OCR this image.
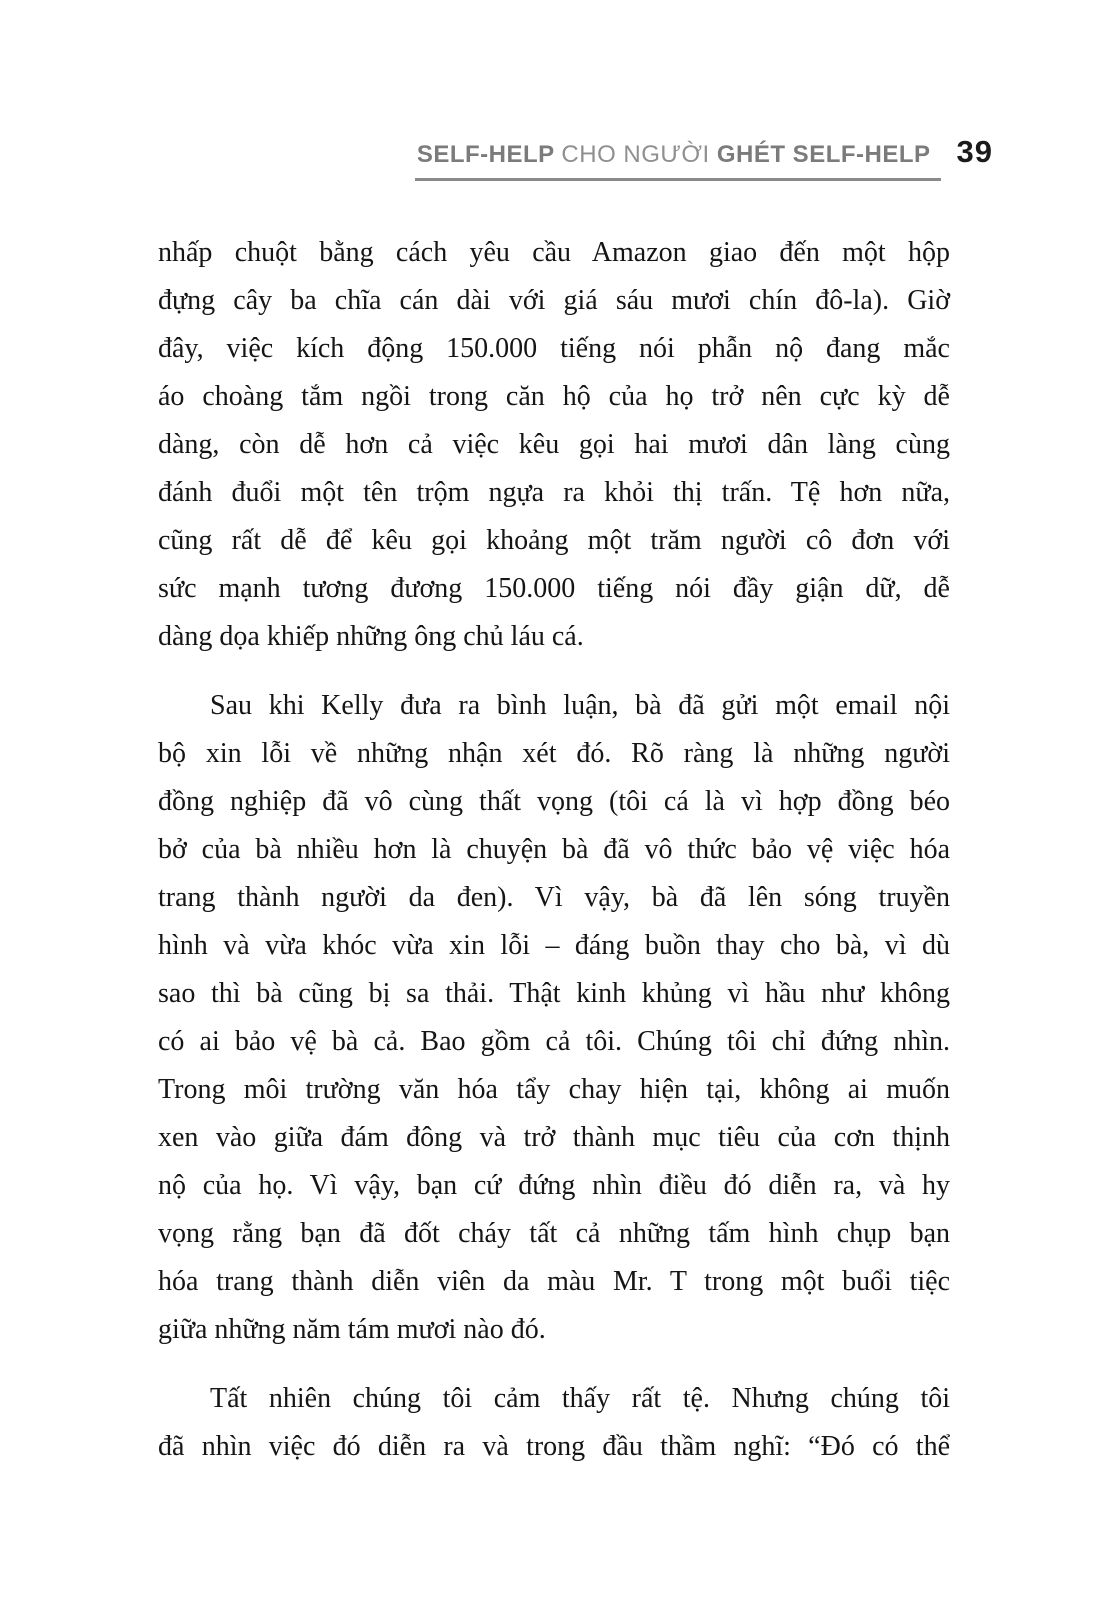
SELF-HELP CHO NGƯỜI GHÉT SELF-HELP 39
nhấp chuột bằng cách yêu cầu Amazon giao đến một hộp
đựng cây ba chĩa cán dài với giá sáu mươi chín đô-la). Giờ
đây, việc kích động 150.000 tiếng nói phẫn nộ đang mắc
áo choàng tắm ngồi trong căn hộ của họ trở nên cực kỳ dễ
dàng, còn dễ hơn cả việc kêu gọi hai mươi dân làng cùng
đánh đuổi một tên trộm ngựa ra khỏi thị trấn. Tệ hơn nữa,
cũng rất dễ để kêu gọi khoảng một trăm người cô đơn với
sức mạnh tương đương 150.000 tiếng nói đầy giận dữ, dễ
dàng dọa khiếp những ông chủ láu cá.
Sau khi Kelly đưa ra bình luận, bà đã gửi một email nội
bộ xin lỗi về những nhận xét đó. Rõ ràng là những người
đồng nghiệp đã vô cùng thất vọng (tôi cá là vì hợp đồng béo
bở của bà nhiều hơn là chuyện bà đã vô thức bảo vệ việc hóa
trang thành người da đen). Vì vậy, bà đã lên sóng truyền
hình và vừa khóc vừa xin lỗi – đáng buồn thay cho bà, vì dù
sao thì bà cũng bị sa thải. Thật kinh khủng vì hầu như không
có ai bảo vệ bà cả. Bao gồm cả tôi. Chúng tôi chỉ đứng nhìn.
Trong môi trường văn hóa tẩy chay hiện tại, không ai muốn
xen vào giữa đám đông và trở thành mục tiêu của cơn thịnh
nộ của họ. Vì vậy, bạn cứ đứng nhìn điều đó diễn ra, và hy
vọng rằng bạn đã đốt cháy tất cả những tấm hình chụp bạn
hóa trang thành diễn viên da màu Mr. T trong một buổi tiệc
giữa những năm tám mươi nào đó.
Tất nhiên chúng tôi cảm thấy rất tệ. Nhưng chúng tôi
đã nhìn việc đó diễn ra và trong đầu thầm nghĩ: “Đó có thể
